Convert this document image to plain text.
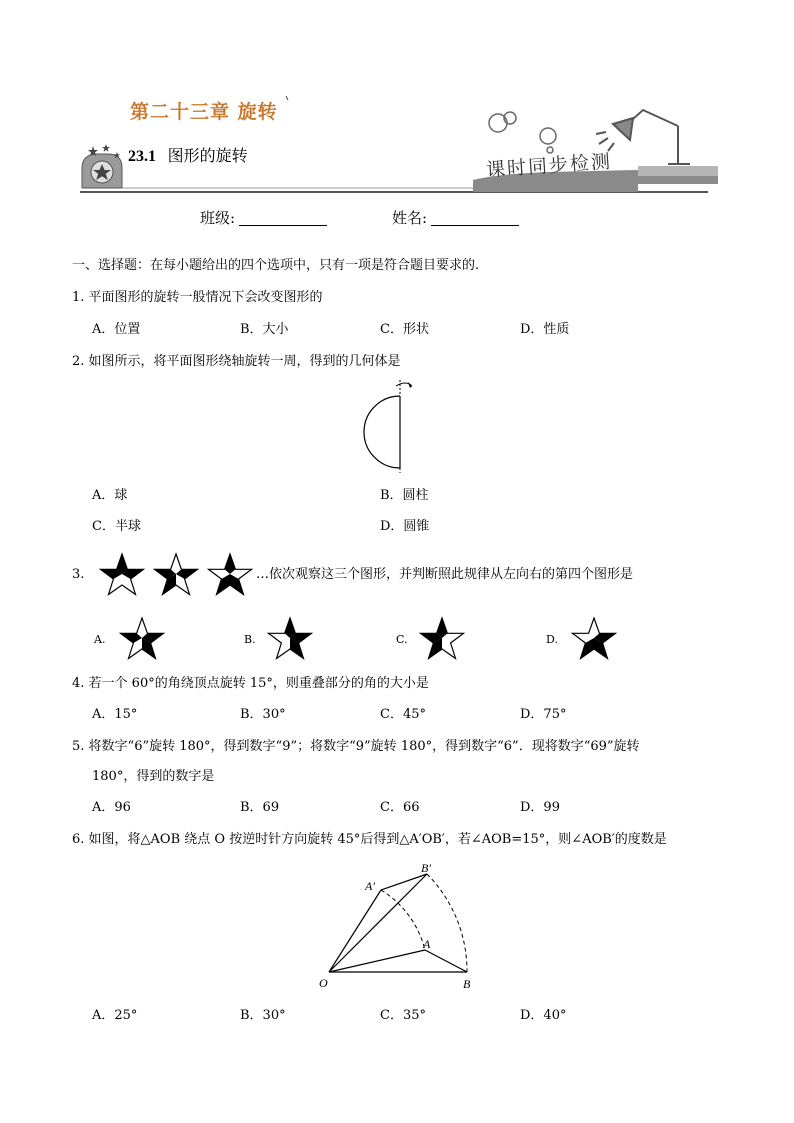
第二十三章 旋转
23.1 图形的旋转	课时同步检测
班级:	姓名:
一、选择题：在每小题给出的四个选项中，只有一项是符合题目要求的.
1. 平面图形的旋转一般情况下会改变图形的
A．位置	B．大小	C．形状	D．性质
2. 如图所示，将平面图形绕轴旋转一周，得到的几何体是
A．球	B．圆柱
C．半球	D．圆锥
3.	…依次观察这三个图形，并判断照此规律从左向右的第四个图形是
A.	B.	C.	D.
4. 若一个 60°的角绕顶点旋转 15°，则重叠部分的角的大小是
A．15°	B．30°	C．45°	D．75°
5. 将数字“6”旋转 180°，得到数字“9”；将数字“9”旋转 180°，得到数字“6”．现将数字“69”旋转
180°，得到的数字是
A．96	B．69	C．66	D．99
6. 如图，将△AOB 绕点 O 按逆时针方向旋转 45°后得到△A′OB′，若∠AOB=15°，则∠AOB′的度数是
O
A
B
A′
B′
A．25°	B．30°	C．35°	D．40°
